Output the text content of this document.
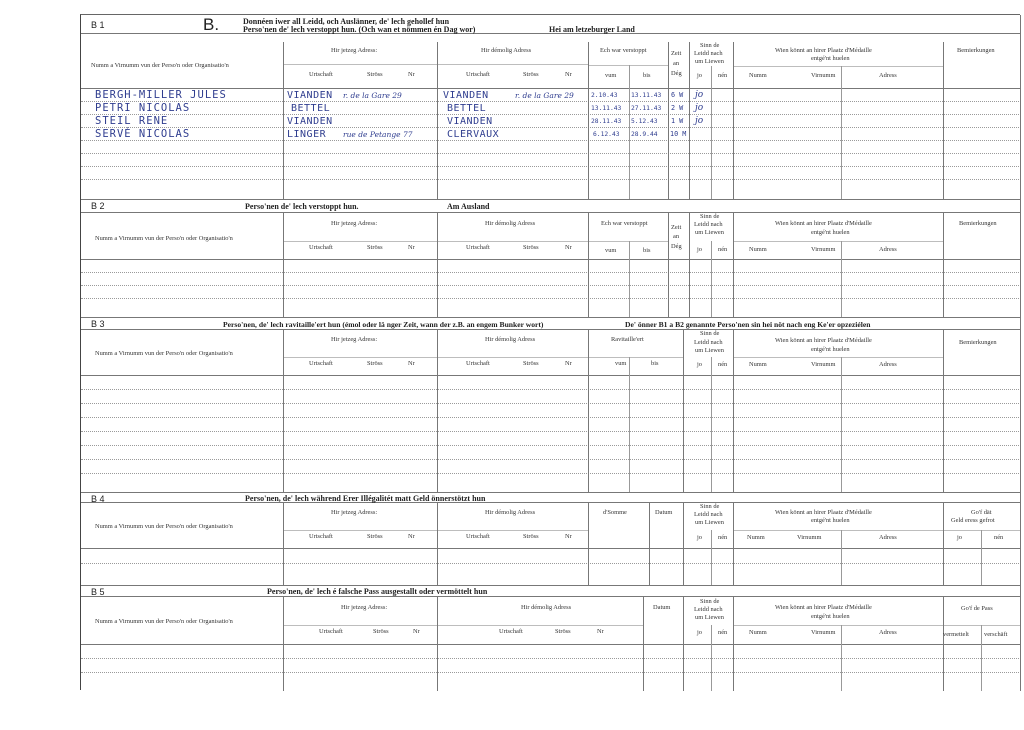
B 1	B.	Donnéen iwer all Leidd, och Auslänner, de' lech gehollef hun
Perso'nen de' lech verstoppt hun. (Och wan et nömmen én Dag wor)	Hei am letzeburger Land
Numm a Virnumm vun der Perso'n oder Organisatio'n
Hir jetzeg Adress:	Hir démolig Adress
Urtschaft	Ströss	Nr	Urtschaft	Ströss	Nr
Ech war verstoppt
vum	bis
Zeit
an
Dég
Sinn de
Leidd nach
um Liewen
jo	nén
Wien könnt an hirer Plaatz d'Médaille
entgé'nt huelen
Numm	Virnumm	Adress
Bemierkungen
BERGH-MILLER JULES	VIANDEN r. de la Gare 29	VIANDEN	r. de la Gare 29	2.10.43 13.11.43 6 W jo
PETRI NICOLAS	BETTEL	BETTEL	13.11.43 27.11.43 2 W jo
STEIL RENE	VIANDEN	VIANDEN	28.11.43 5.12.43 1 W jo
SERVÉ NICOLAS	LINGER rue de Petange 77	CLERVAUX	6.12.43 28.9.44 10 M
B 2	Perso'nen de' lech verstoppt hun.	Am Ausland
Numm a Virnumm vun der Perso'n oder Organisatio'n
Hir jetzeg Adress:	Hir démolig Adress
Urtschaft	Ströss	Nr	Urtschaft	Ströss	Nr
Ech war verstoppt
vum	bis
Zeit
an
Dég
Sinn de
Leidd nach
um Liewen
jo	nén
Wien könnt an hirer Plaatz d'Médaille
entgé'nt huelen
Numm	Virnumm	Adress
Bemierkungen
B 3	Perso'nen, de' lech ravitaille'ert hun (émol oder lä nger Zeit, wann der z.B. an engem Bunker wort)	De' önner B1 a B2 genannte Perso'nen sin hei nöt nach eng Ke'er opzeziélen
Numm a Virnumm vun der Perso'n oder Organisatio'n
Hir jetzeg Adress:	Hir démolig Adress
Urtschaft	Ströss	Nr	Urtschaft	Ströss	Nr
Ravitaille'ert
vum	bis
Sinn de
Leidd nach
um Liewen
jo	nén
Wien könnt an hirer Plaatz d'Médaille
entgé'nt huelen
Numm	Virnumm	Adress
Bemierkungen
B 4	Perso'nen, de' lech während Erer Illégalitét matt Geld önnerstötzt hun
Numm a Virnumm vun der Perso'n oder Organisatio'n
Hir jetzeg Adress:	Hir démolig Adress
Urtschaft	Ströss	Nr	Urtschaft	Ströss	Nr
d'Somme	Datum
Sinn de
Leidd nach
um Liewen
jo	nén
Wien könnt an hirer Plaatz d'Médaille
entgé'nt huelen
Numm	Virnumm	Adress
Go'f dät
Geld eress gefrot
jo	nén
B 5	Perso'nen, de' lech é falsche Pass ausgestallt oder vermöttelt hun
Numm a Virnumm vun der Perso'n oder Organisatio'n
Hir jetzeg Adress:	Hir démolig Adress
Urtschaft	Ströss	Nr	Urtschaft	Ströss	Nr
Datum
Sinn de
Leidd nach
um Liewen
jo	nén
Wien könnt an hirer Plaatz d'Médaille
entgé'nt huelen
Numm	Virnumm	Adress
Go'f de Pass
vermettelt verschäft
